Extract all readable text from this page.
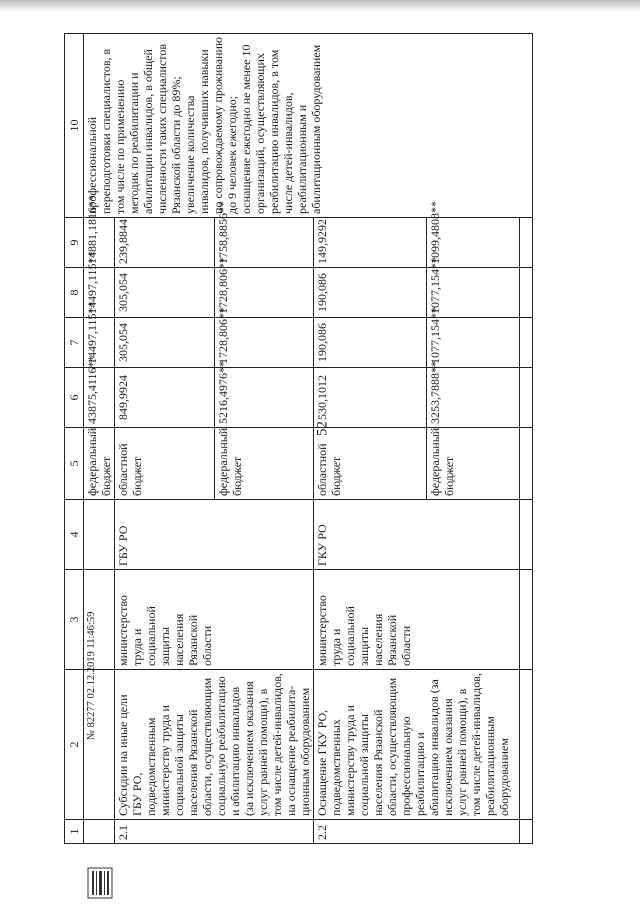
52
1	2	3	4	5	6	7	8	9	10
				федеральный бюджет	43875,4116**	14497,115**	14497,115**	14881,1816**	профессиональной переподготовки специалистов, в том числе по применению методик по реабилитации и абилитации инвалидов, в общей численности таких специалистов Рязанской области до 89%; увеличение количества инвалидов, получивших навыки по сопровождаемому проживанию до 9 человек ежегодно; оснащение ежегодно не менее 10 организаций, осуществляющих реабилитацию инвалидов, в том числе детей-инвалидов, реабилитационным и абилитационным оборудованием
2.1	Субсидии на иные цели ГБУ РО, подведомственным министерству труда и социальной защиты населения Рязанской области, осуществляющим социальную реабилитацию и абилитацию инвалидов (за исключением оказания услуг ранней помощи), в том числе детей-инвалидов, на оснащение реабилита-ционным оборудованием	министерство труда и социальной защиты населения Рязанской области	ГБУ РО	областной бюджет	849,9924	305,054	305,054	239,8844	
				федеральный бюджет	5216,4976**	1728,806**	1728,806**	1758,8856**	
2.2	Оснащение ГКУ РО, подведомственных министерству труда и социальной защиты населения Рязанской области, осуществляющим профессиональную реабилитацию и абилитацию инвалидов (за исключением оказания услуг ранней помощи), в том числе детей-инвалидов, реабилитационным оборудованием	министерство труда и социальной защиты населения Рязанской области	ГКУ РО	областной бюджет	530,1012	190,086	190,086	149,9292	
				федеральный бюджет	3253,7888**	1077,154**	1077,154**	1099,4808**	

№ 82277 02.12.2019 11:46:59
